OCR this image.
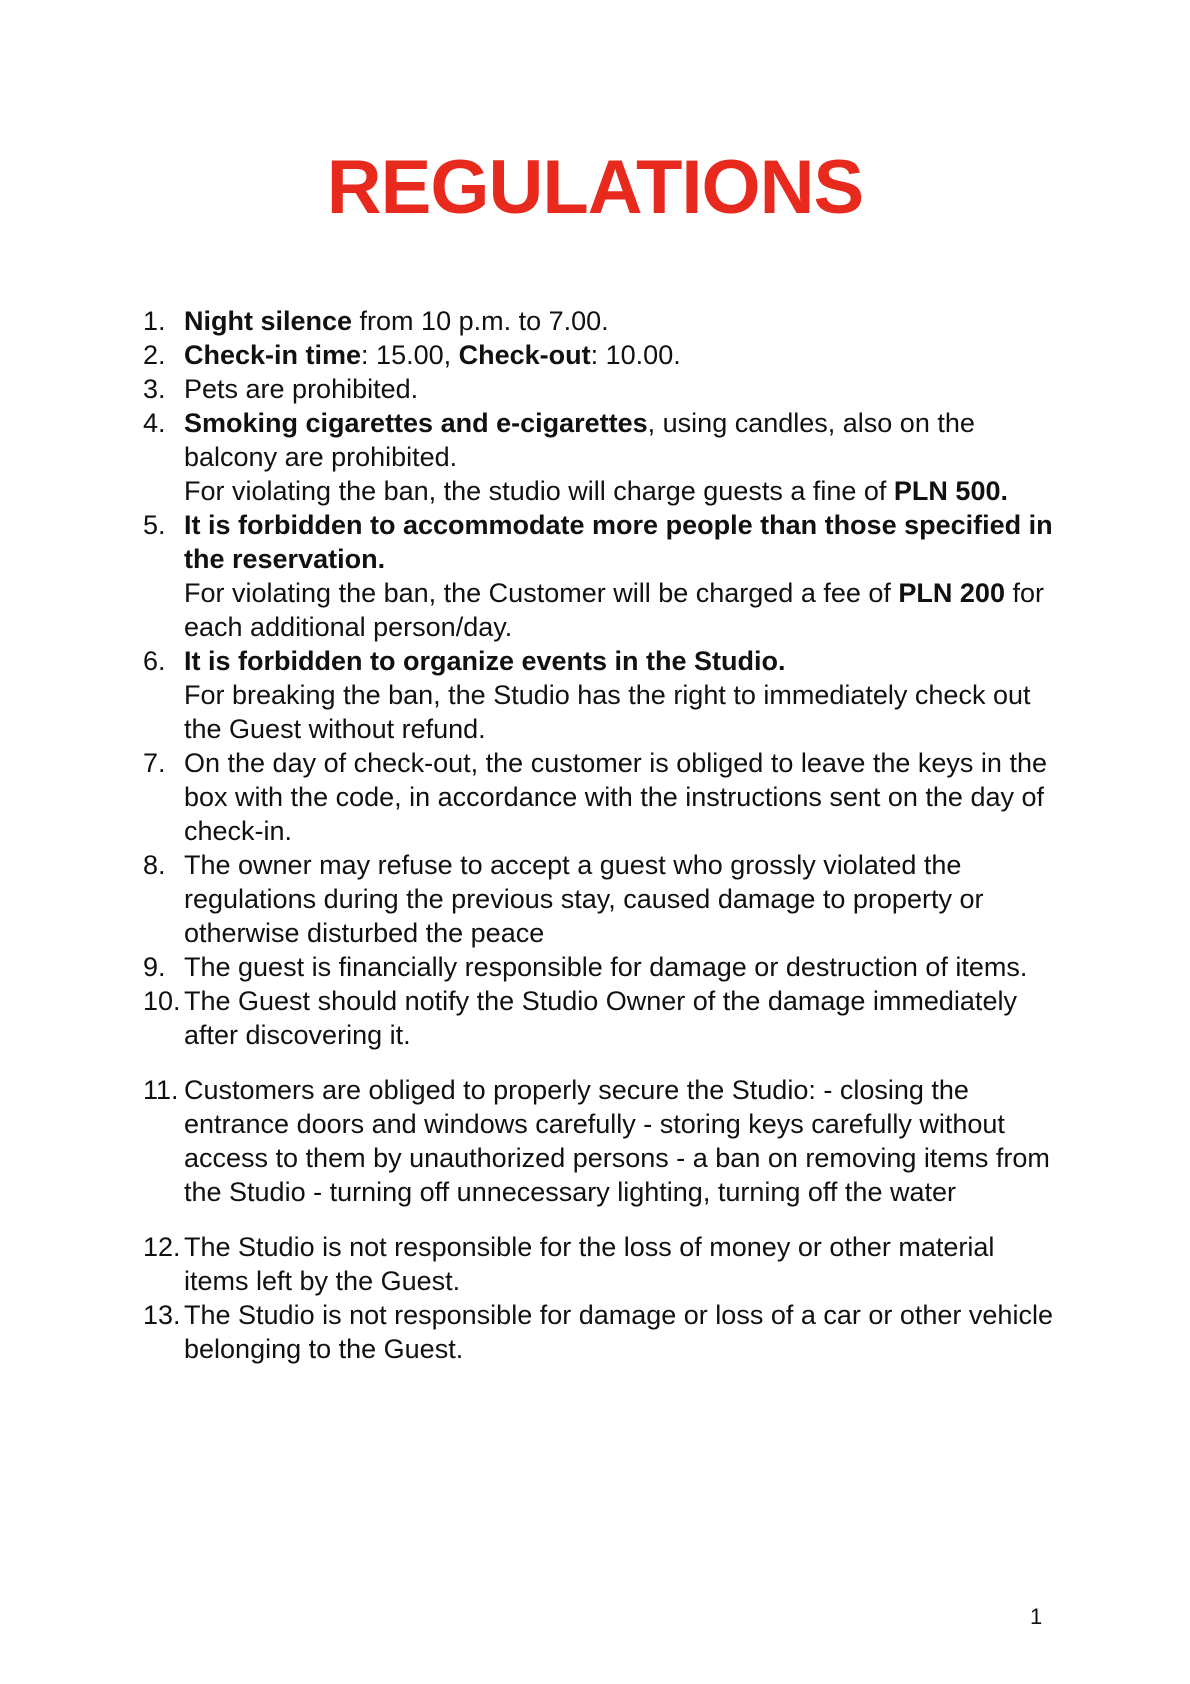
REGULATIONS
1. Night silence from 10 p.m. to 7.00.
2. Check-in time: 15.00, Check-out: 10.00.
3. Pets are prohibited.
4. Smoking cigarettes and e-cigarettes, using candles, also on the balcony are prohibited.
For violating the ban, the studio will charge guests a fine of PLN 500.
5. It is forbidden to accommodate more people than those specified in the reservation.
For violating the ban, the Customer will be charged a fee of PLN 200 for each additional person/day.
6. It is forbidden to organize events in the Studio.
For breaking the ban, the Studio has the right to immediately check out the Guest without refund.
7. On the day of check-out, the customer is obliged to leave the keys in the box with the code, in accordance with the instructions sent on the day of check-in.
8. The owner may refuse to accept a guest who grossly violated the regulations during the previous stay, caused damage to property or otherwise disturbed the peace
9. The guest is financially responsible for damage or destruction of items.
10. The Guest should notify the Studio Owner of the damage immediately after discovering it.
11. Customers are obliged to properly secure the Studio: - closing the entrance doors and windows carefully - storing keys carefully without access to them by unauthorized persons - a ban on removing items from the Studio - turning off unnecessary lighting, turning off the water
12. The Studio is not responsible for the loss of money or other material items left by the Guest.
13. The Studio is not responsible for damage or loss of a car or other vehicle belonging to the Guest.
1
